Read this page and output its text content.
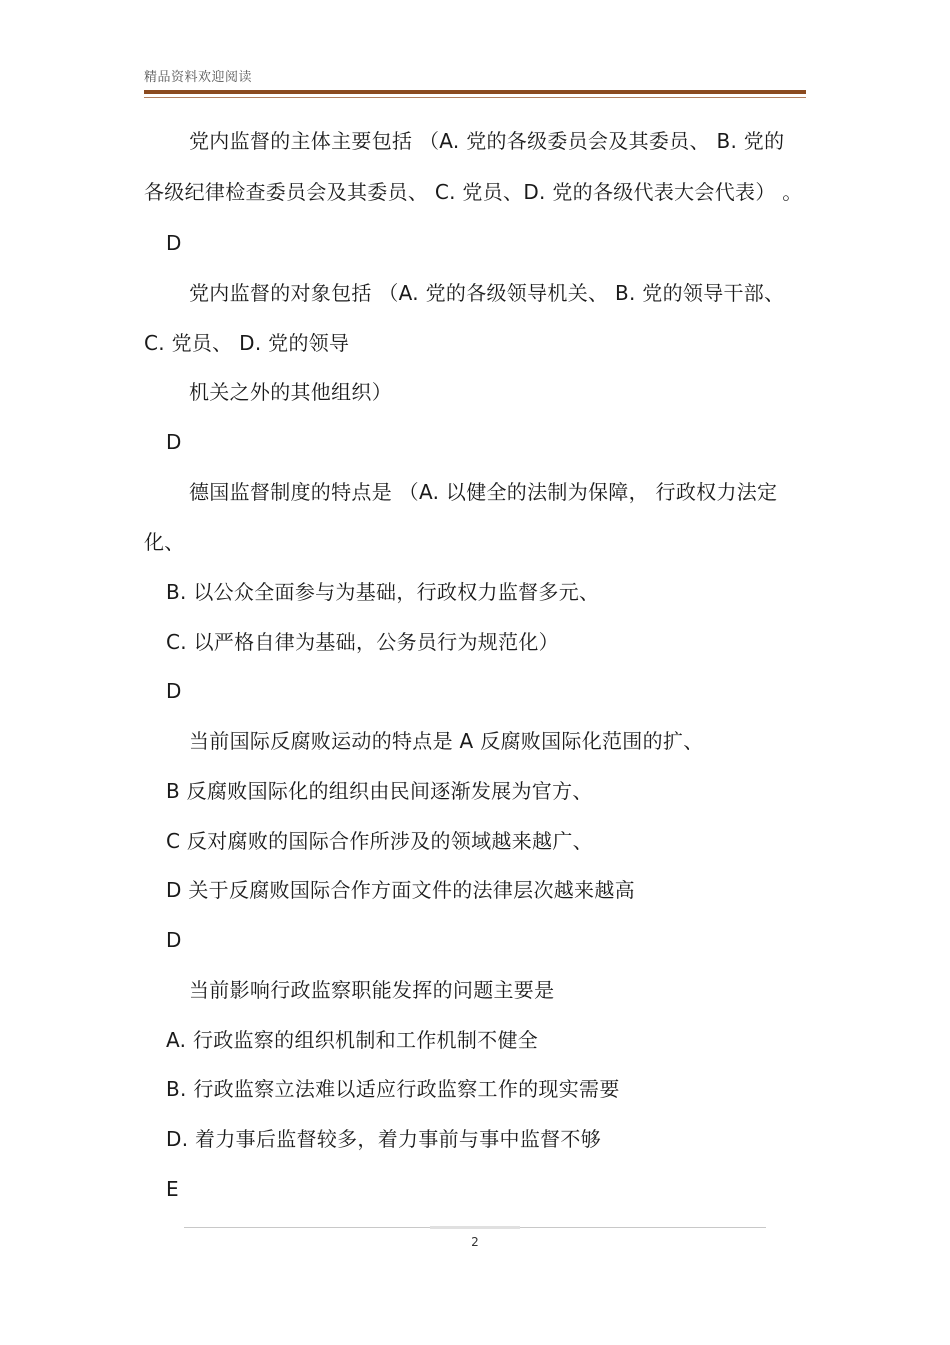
精品资料欢迎阅读
党内监督的主体主要包括 （A. 党的各级委员会及其委员、 B. 党的
各级纪律检查委员会及其委员、 C. 党员、D. 党的各级代表大会代表） 。
D
党内监督的对象包括 （A. 党的各级领导机关、 B. 党的领导干部、
C. 党员、 D. 党的领导
机关之外的其他组织）
D
德国监督制度的特点是 （A. 以健全的法制为保障， 行政权力法定
化、
B. 以公众全面参与为基础，行政权力监督多元、
C. 以严格自律为基础，公务员行为规范化）
D
当前国际反腐败运动的特点是 A 反腐败国际化范围的扩、
B 反腐败国际化的组织由民间逐渐发展为官方、
C 反对腐败的国际合作所涉及的领域越来越广、
D 关于反腐败国际合作方面文件的法律层次越来越高
D
当前影响行政监察职能发挥的问题主要是
A. 行政监察的组织机制和工作机制不健全
B. 行政监察立法难以适应行政监察工作的现实需要
D. 着力事后监督较多，着力事前与事中监督不够
E
2
